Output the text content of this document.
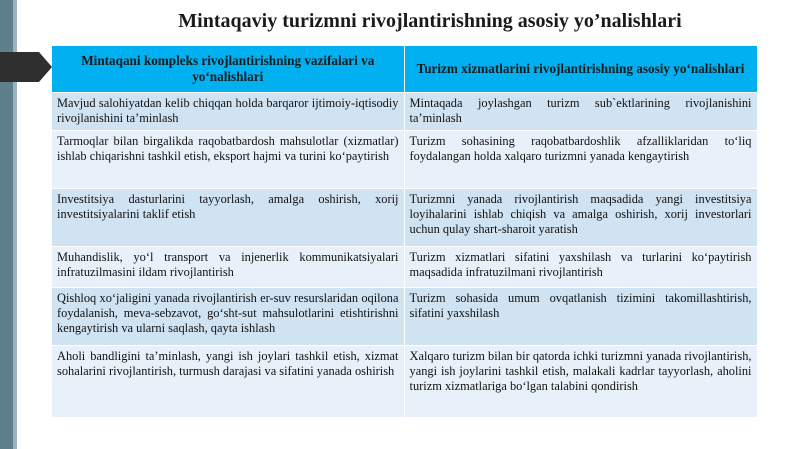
Mintaqaviy turizmni rivojlantirishning asosiy yo’nalishlari
Mintaqani kompleks rivojlantirishning vazifalari va yo‘nalishlari	Turizm xizmatlarini rivojlantirishning asosiy yo‘nalishlari
Mavjud salohiyatdan kelib chiqqan holda barqaror ijtimoiy-iqtisodiy rivojlanishini ta’minlash	Mintaqada joylashgan turizm sub`ektlarining rivojlanishini ta’minlash
Tarmoqlar bilan birgalikda raqobatbardosh mahsulotlar (xizmatlar) ishlab chiqarishni tashkil etish, eksport hajmi va turini ko‘paytirish	Turizm sohasining raqobatbardoshlik afzalliklaridan to‘liq foydalangan holda xalqaro turizmni yanada kengaytirish
Investitsiya dasturlarini tayyorlash, amalga oshirish, xorij investitsiyalarini taklif etish	Turizmni yanada rivojlantirish maqsadida yangi investitsiya loyihalarini ishlab chiqish va amalga oshirish, xorij investorlari uchun qulay shart-sharoit yaratish
Muhandislik, yo‘l transport va injenerlik kommunikatsiyalari infratuzilmasini ildam rivojlantirish	Turizm xizmatlari sifatini yaxshilash va turlarini ko‘paytirish maqsadida infratuzilmani rivojlantirish
Qishloq xo‘jaligini yanada rivojlantirish er-suv resurslaridan oqilona foydalanish, meva-sebzavot, go‘sht-sut mahsulotlarini etishtirishni kengaytirish va ularni saqlash, qayta ishlash	Turizm sohasida umum ovqatlanish tizimini takomillashtirish, sifatini yaxshilash
Aholi bandligini ta’minlash, yangi ish joylari tashkil etish, xizmat sohalarini rivojlantirish, turmush darajasi va sifatini yanada oshirish	Xalqaro turizm bilan bir qatorda ichki turizmni yanada rivojlantirish, yangi ish joylarini tashkil etish, malakali kadrlar tayyorlash, aholini turizm xizmatlariga bo‘lgan talabini qondirish
